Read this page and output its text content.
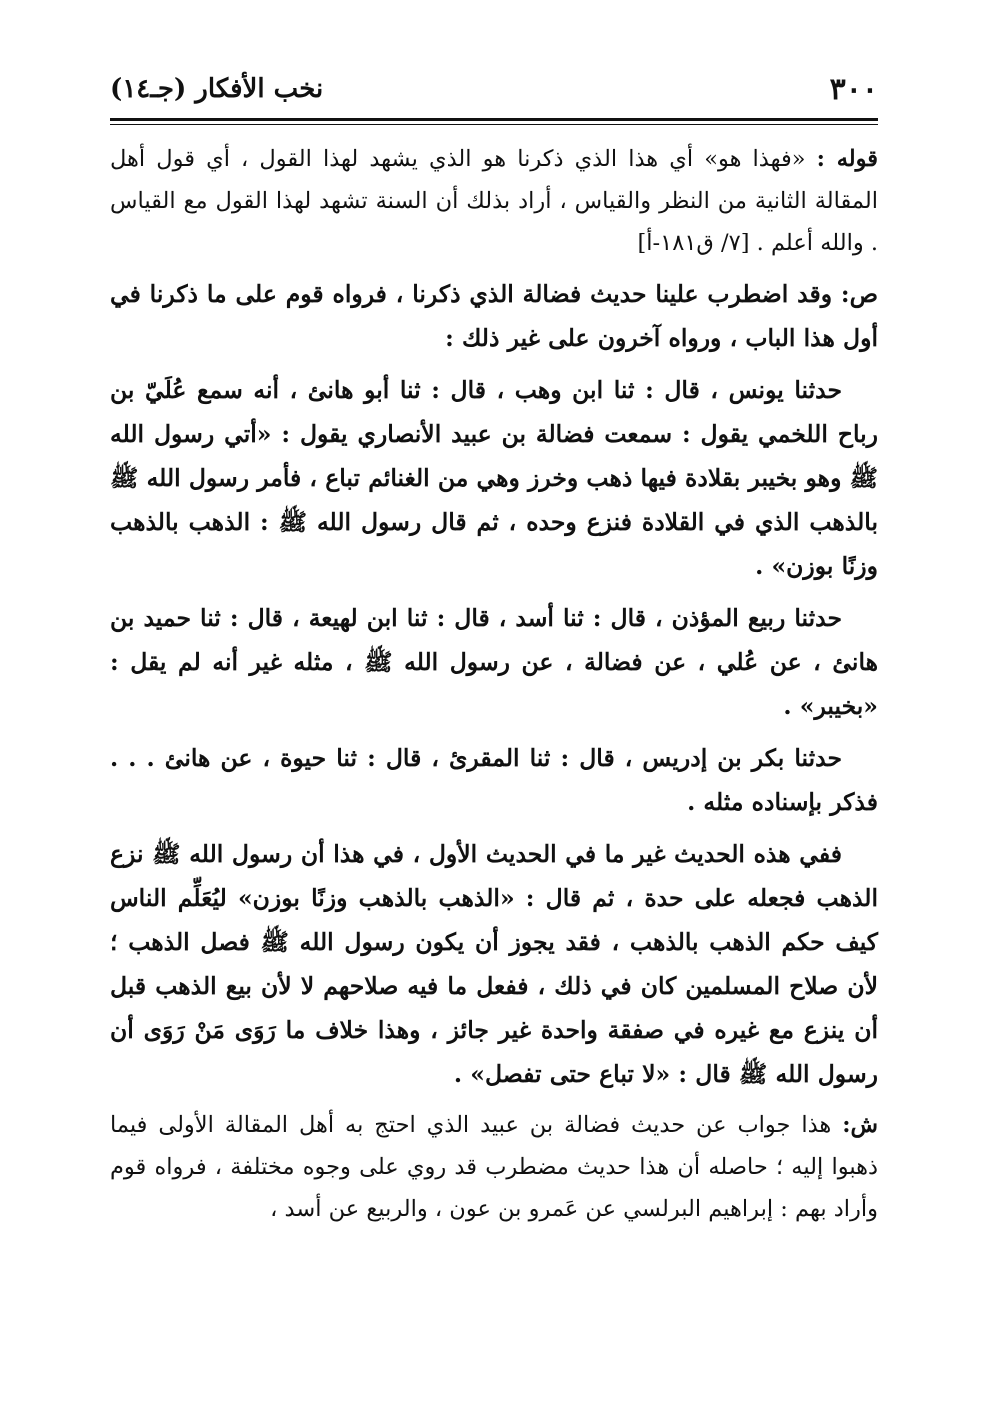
٣٠٠
نخب الأفكار (جـ١٤)

قوله : «فهذا هو» أي هذا الذي ذكرنا هو الذي يشهد لهذا القول ، أي قول أهل المقالة الثانية من النظر والقياس ، أراد بذلك أن السنة تشهد لهذا القول مع القياس . والله أعلم . [٧/ ق١٨١-أ]

ص: وقد اضطرب علينا حديث فضالة الذي ذكرنا ، فرواه قوم على ما ذكرنا في أول هذا الباب ، ورواه آخرون على غير ذلك :

حدثنا يونس ، قال : ثنا ابن وهب ، قال : ثنا أبو هانئ ، أنه سمع عُلَيّ بن رباح اللخمي يقول : سمعت فضالة بن عبيد الأنصاري يقول : «أتي رسول الله ﷺ وهو بخيبر بقلادة فيها ذهب وخرز وهي من الغنائم تباع ، فأمر رسول الله ﷺ بالذهب الذي في القلادة فنزع وحده ، ثم قال رسول الله ﷺ : الذهب بالذهب وزنًا بوزن» .

حدثنا ربيع المؤذن ، قال : ثنا أسد ، قال : ثنا ابن لهيعة ، قال : ثنا حميد بن هانئ ، عن عُلي ، عن فضالة ، عن رسول الله ﷺ ، مثله غير أنه لم يقل : «بخيبر» .

حدثنا بكر بن إدريس ، قال : ثنا المقرئ ، قال : ثنا حيوة ، عن هانئ . . . فذكر بإسناده مثله .

ففي هذه الحديث غير ما في الحديث الأول ، في هذا أن رسول الله ﷺ نزع الذهب فجعله على حدة ، ثم قال : «الذهب بالذهب وزنًا بوزن» ليُعَلِّم الناس كيف حكم الذهب بالذهب ، فقد يجوز أن يكون رسول الله ﷺ فصل الذهب ؛ لأن صلاح المسلمين كان في ذلك ، ففعل ما فيه صلاحهم لا لأن بيع الذهب قبل أن ينزع مع غيره في صفقة واحدة غير جائز ، وهذا خلاف ما رَوَى مَنْ رَوَى أن رسول الله ﷺ قال : «لا تباع حتى تفصل» .

ش: هذا جواب عن حديث فضالة بن عبيد الذي احتج به أهل المقالة الأولى فيما ذهبوا إليه ؛ حاصله أن هذا حديث مضطرب قد روي على وجوه مختلفة ، فرواه قوم وأراد بهم : إبراهيم البرلسي عن عَمرو بن عون ، والربيع عن أسد ،
